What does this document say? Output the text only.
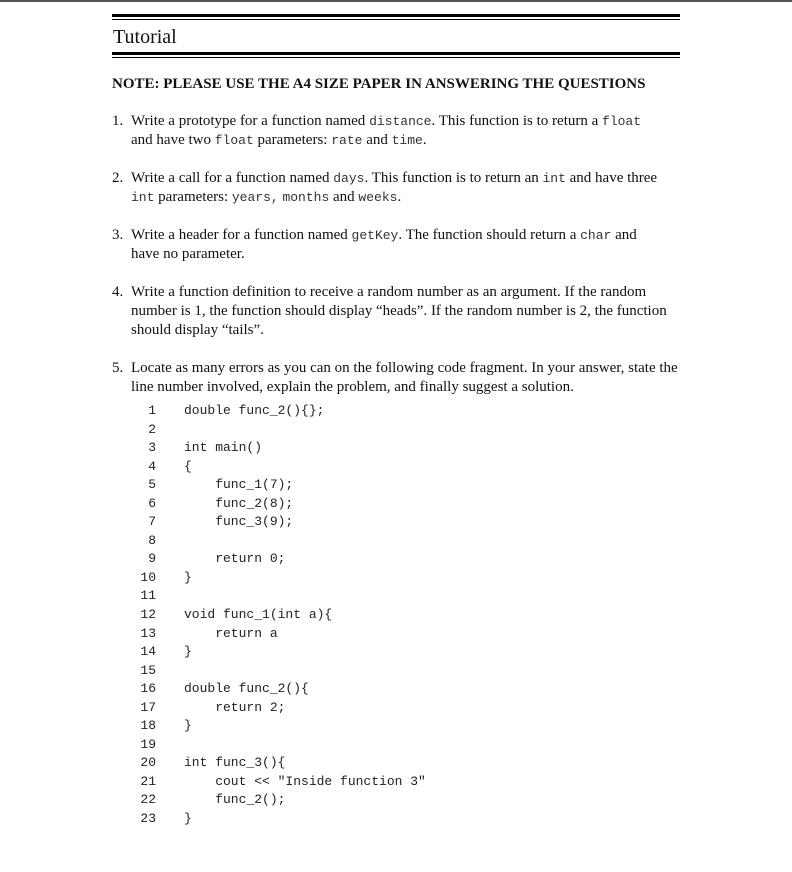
Tutorial
NOTE: PLEASE USE THE A4 SIZE PAPER IN ANSWERING THE QUESTIONS
1. Write a prototype for a function named distance. This function is to return a float
and have two float parameters: rate and time.
2. Write a call for a function named days. This function is to return an int and have three
int parameters: years, months and weeks.
3. Write a header for a function named getKey. The function should return a char and
have no parameter.
4. Write a function definition to receive a random number as an argument. If the random number is 1, the function should display “heads”. If the random number is 2, the function should display “tails”.
5. Locate as many errors as you can on the following code fragment. In your answer, state the line number involved, explain the problem, and finally suggest a solution.
1 double func_2(){};
2
3 int main()
4 {
5 func_1(7);
6 func_2(8);
7 func_3(9);
8
9 return 0;
10 }
11
12 void func_1(int a){
13 return a
14 }
15
16 double func_2(){
17 return 2;
18 }
19
20 int func_3(){
21 cout << "Inside function 3"
22 func_2();
23 }
